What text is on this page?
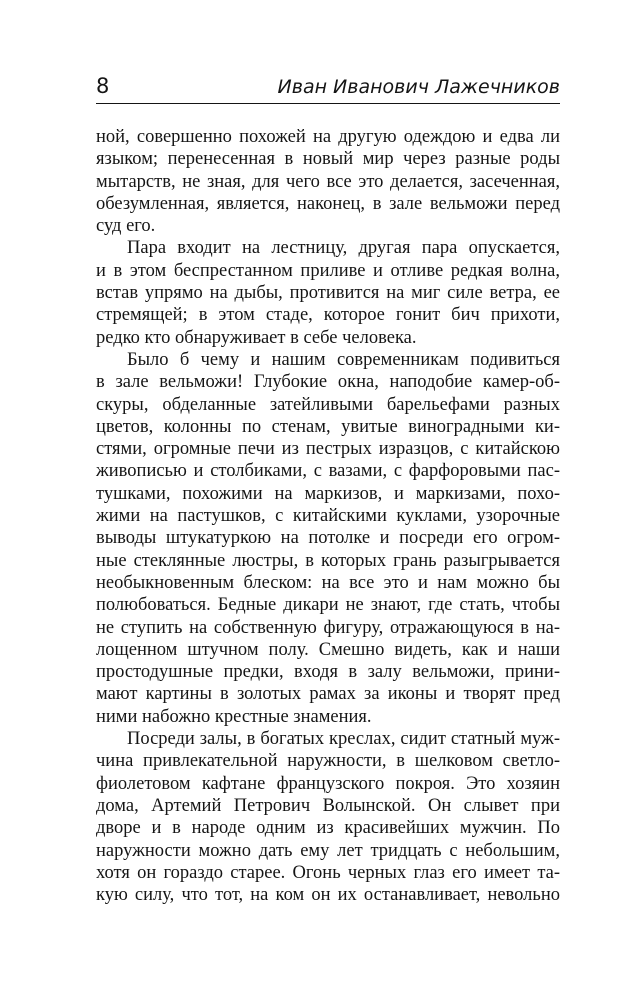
8	Иван Иванович Лажечников

ной, совершенно похожей на другую одеждою и едва ли
языком; перенесенная в новый мир через разные роды
мытарств, не зная, для чего все это делается, засеченная,
обезумленная, является, наконец, в зале вельможи перед
суд его.

Пара входит на лестницу, другая пара опускается,
и в этом беспрестанном приливе и отливе редкая волна,
встав упрямо на дыбы, противится на миг силе ветра, ее
стремящей; в этом стаде, которое гонит бич прихоти,
редко кто обнаруживает в себе человека.

Было б чему и нашим современникам подивиться
в зале вельможи! Глубокие окна, наподобие камер-об-
скуры, обделанные затейливыми барельефами разных
цветов, колонны по стенам, увитые виноградными ки-
стями, огромные печи из пестрых изразцов, с китайскою
живописью и столбиками, с вазами, с фарфоровыми пас-
тушками, похожими на маркизов, и маркизами, похо-
жими на пастушков, с китайскими куклами, узорочные
выводы штукатуркою на потолке и посреди его огром-
ные стеклянные люстры, в которых грань разыгрывается
необыкновенным блеском: на все это и нам можно бы
полюбоваться. Бедные дикари не знают, где стать, чтобы
не ступить на собственную фигуру, отражающуюся в на-
лощенном штучном полу. Смешно видеть, как и наши
простодушные предки, входя в залу вельможи, прини-
мают картины в золотых рамах за иконы и творят пред
ними набожно крестные знамения.

Посреди залы, в богатых креслах, сидит статный муж-
чина привлекательной наружности, в шелковом светло-
фиолетовом кафтане французского покроя. Это хозяин
дома, Артемий Петрович Волынской. Он слывет при
дворе и в народе одним из красивейших мужчин. По
наружности можно дать ему лет тридцать с небольшим,
хотя он гораздо старее. Огонь черных глаз его имеет та-
кую силу, что тот, на ком он их останавливает, невольно
